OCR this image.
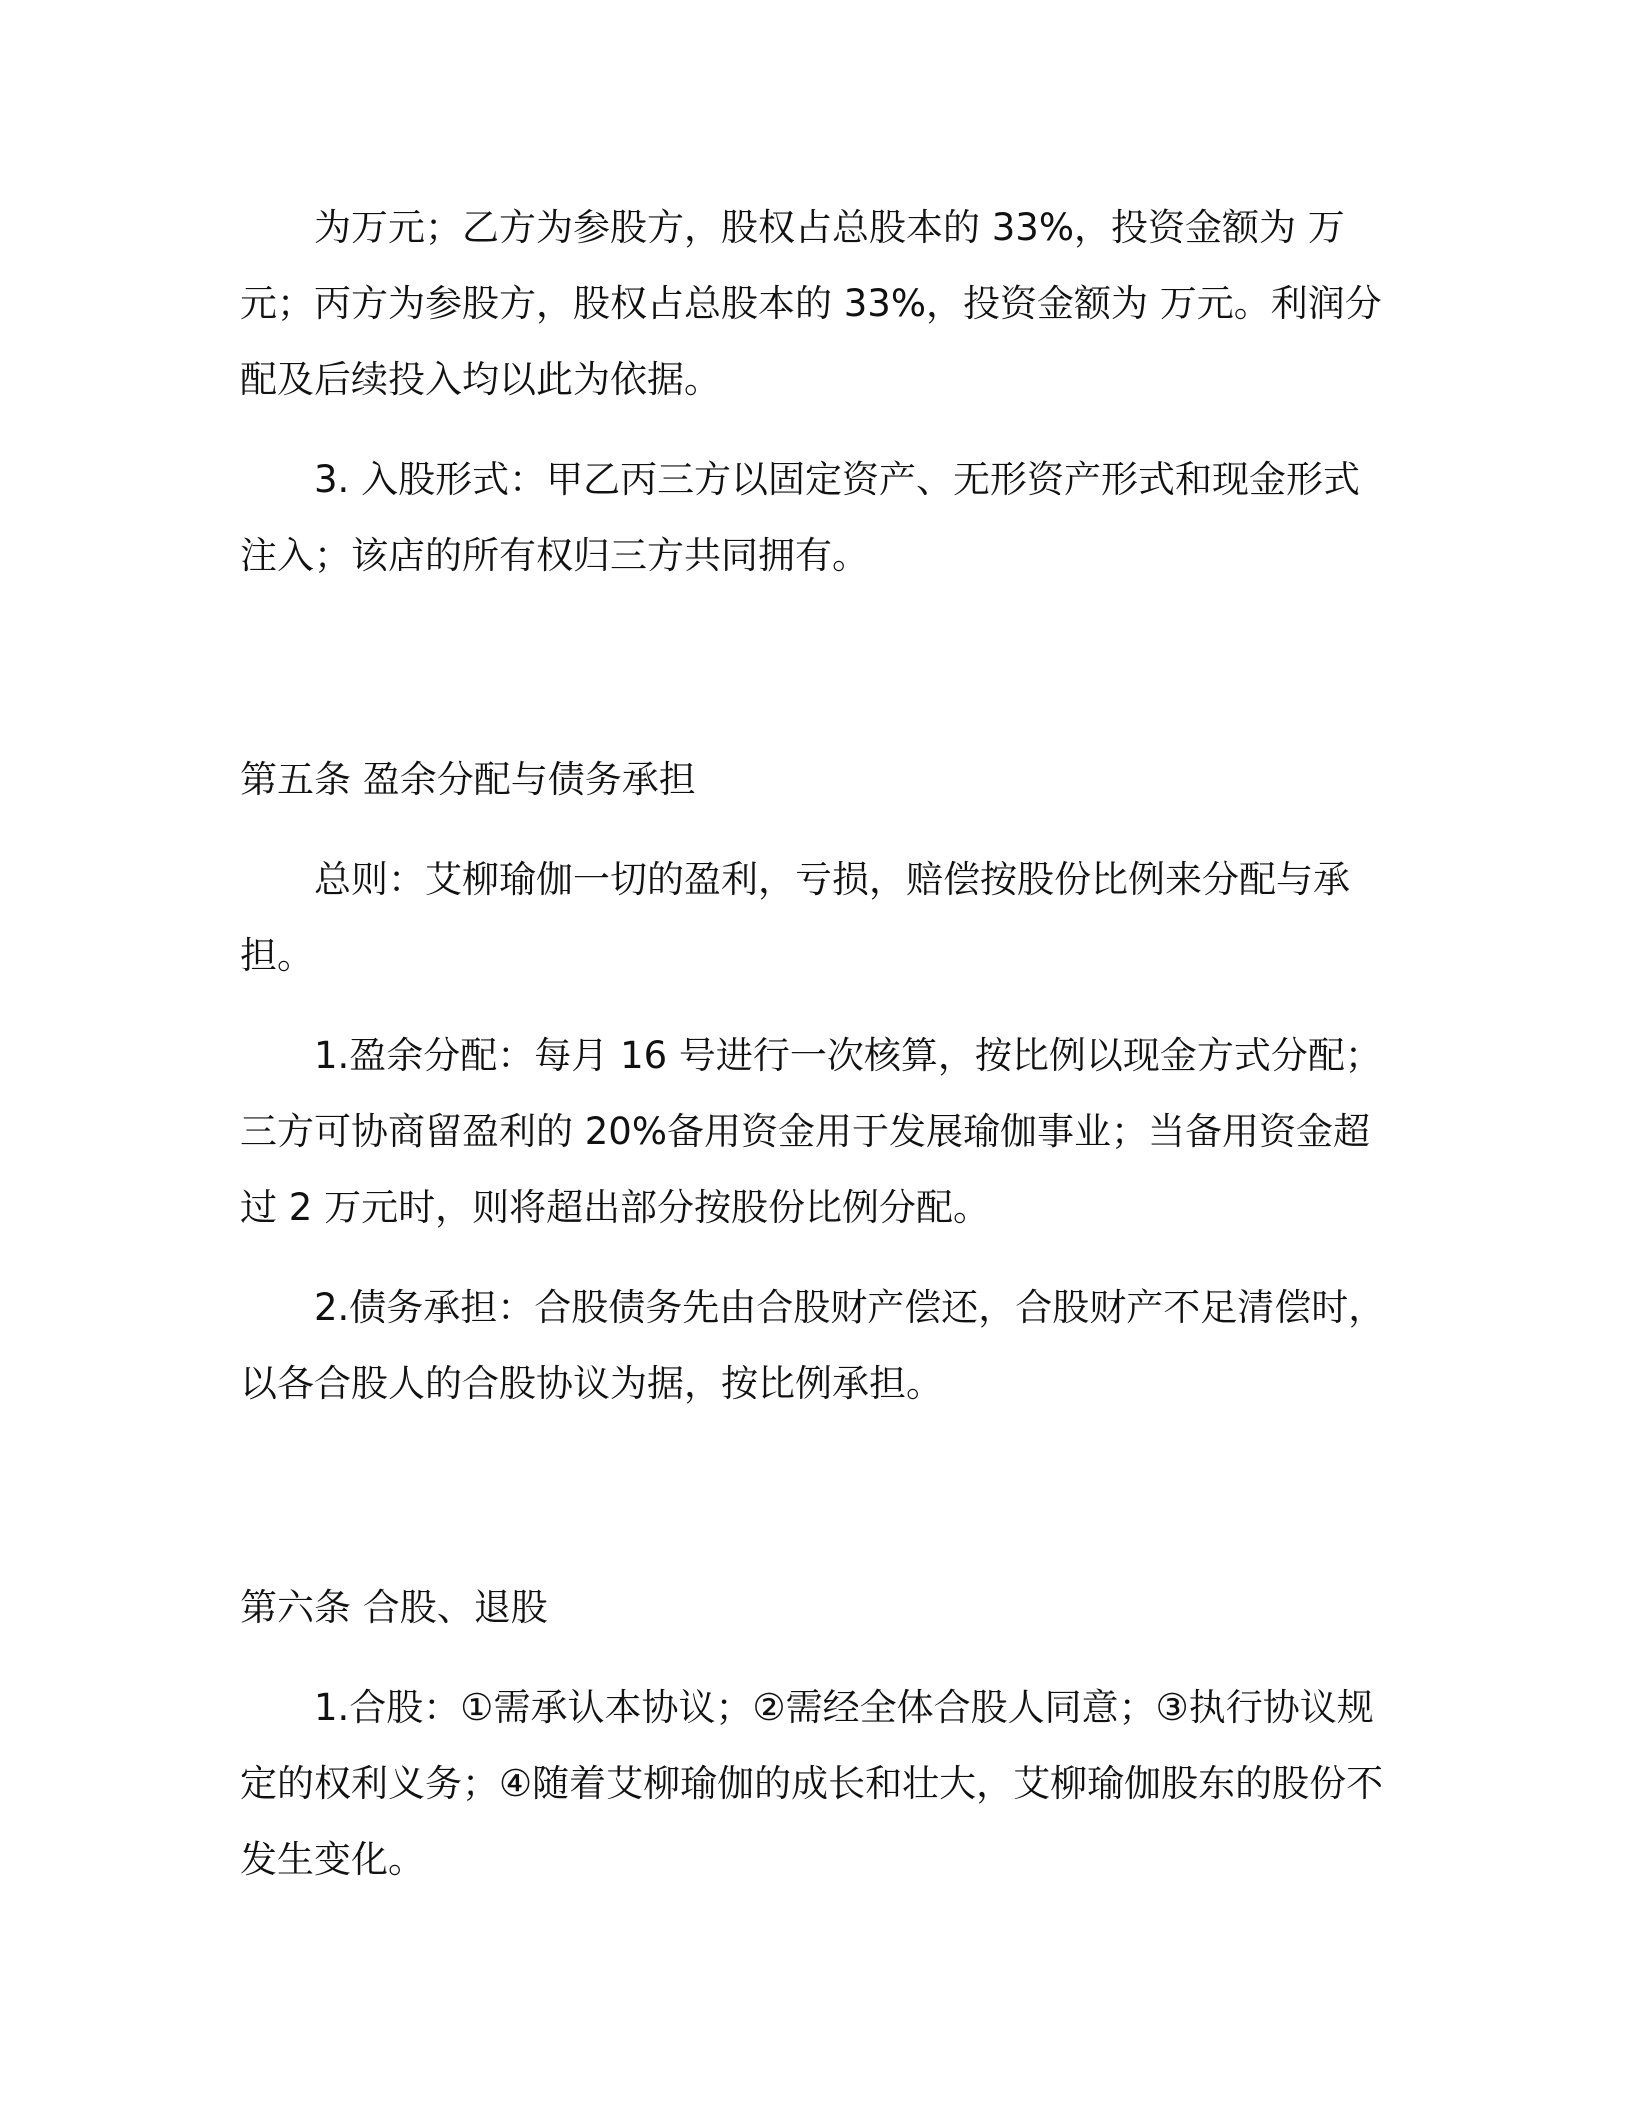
为万元；乙方为参股方，股权占总股本的 33%，投资金额为 万元；丙方为参股方，股权占总股本的 33%，投资金额为 万元。利润分配及后续投入均以此为依据。

3. 入股形式：甲乙丙三方以固定资产、无形资产形式和现金形式注入；该店的所有权归三方共同拥有。

第五条 盈余分配与债务承担

总则：艾柳瑜伽一切的盈利，亏损，赔偿按股份比例来分配与承担。

1.盈余分配：每月 16 号进行一次核算，按比例以现金方式分配；三方可协商留盈利的 20%备用资金用于发展瑜伽事业；当备用资金超过 2 万元时，则将超出部分按股份比例分配。

2.债务承担：合股债务先由合股财产偿还，合股财产不足清偿时，以各合股人的合股协议为据，按比例承担。

第六条 合股、退股

1.合股：①需承认本协议；②需经全体合股人同意；③执行协议规定的权利义务；④随着艾柳瑜伽的成长和壮大，艾柳瑜伽股东的股份不发生变化。
